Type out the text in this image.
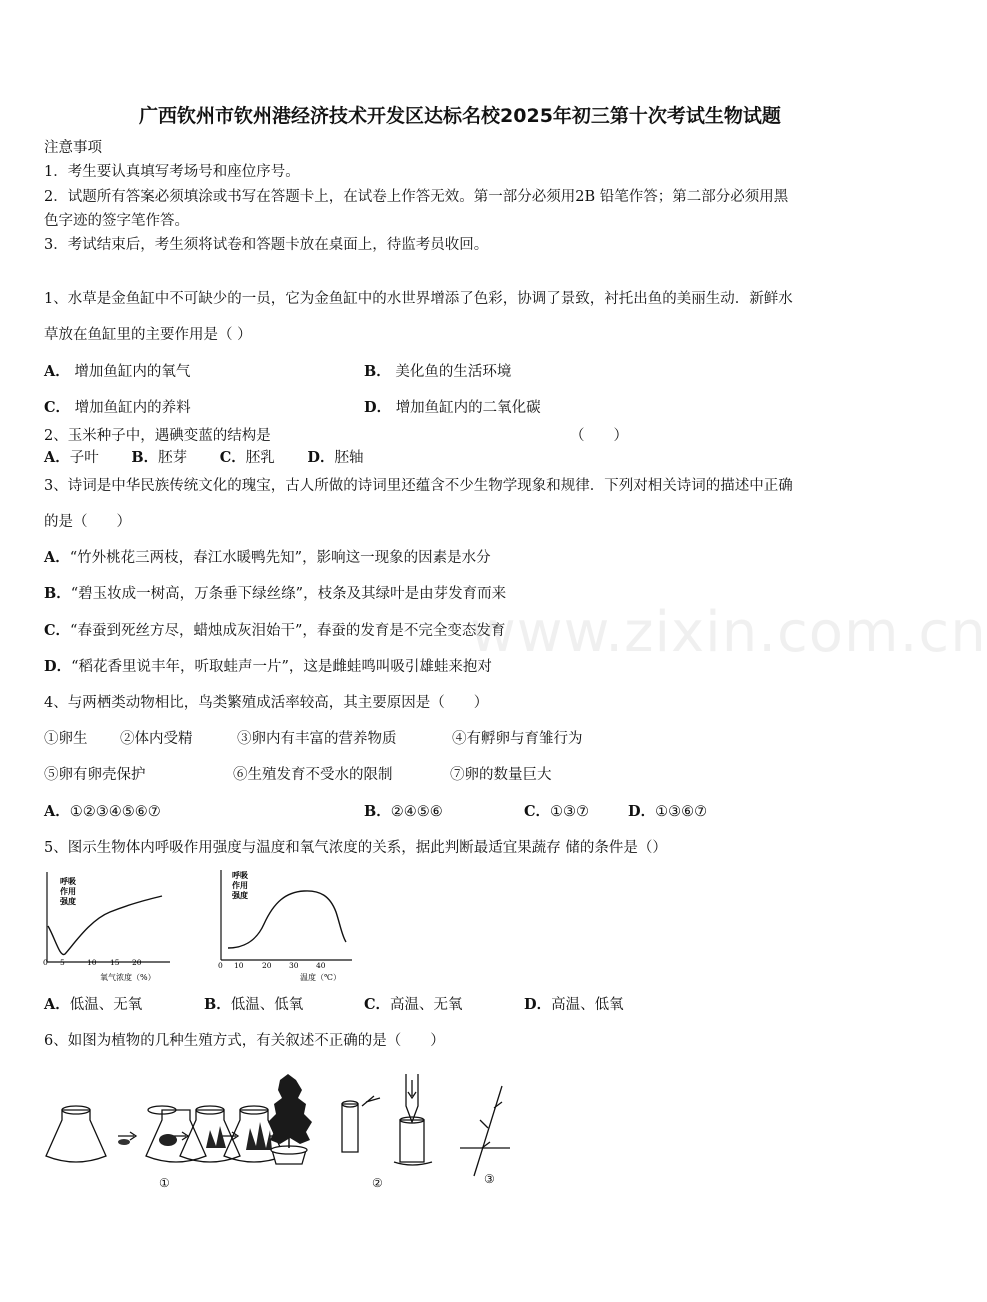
www.zixin.com.cn
广西钦州市钦州港经济技术开发区达标名校2025年初三第十次考试生物试题
注意事项
1．考生要认真填写考场号和座位序号。
2．试题所有答案必须填涂或书写在答题卡上，在试卷上作答无效。第一部分必须用2B 铅笔作答；第二部分必须用黑
色字迹的签字笔作答。
3．考试结束后，考生须将试卷和答题卡放在桌面上，待监考员收回。
1、水草是金鱼缸中不可缺少的一员，它为金鱼缸中的水世界增添了色彩，协调了景致，衬托出鱼的美丽生动．新鲜水
草放在鱼缸里的主要作用是（ ）
A． 增加鱼缸内的氧气	B． 美化鱼的生活环境
C． 增加鱼缸内的养料	D． 增加鱼缸内的二氧化碳
2、玉米种子中，遇碘变蓝的结构是	（　　）
A．子叶 B．胚芽 C．胚乳 D．胚轴
3、诗词是中华民族传统文化的瑰宝，古人所做的诗词里还蕴含不少生物学现象和规律．下列对相关诗词的描述中正确
的是（　　）
A．“竹外桃花三两枝，春江水暖鸭先知”，影响这一现象的因素是水分
B．“碧玉妆成一树高，万条垂下绿丝绦”，枝条及其绿叶是由芽发育而来
C．“春蚕到死丝方尽，蜡烛成灰泪始干”，春蚕的发育是不完全变态发育
D．“稻花香里说丰年，听取蛙声一片”，这是雌蛙鸣叫吸引雄蛙来抱对
4、与两栖类动物相比，鸟类繁殖成活率较高，其主要原因是（　　）
①卵生 ②体内受精	③卵内有丰富的营养物质	④有孵卵与育雏行为
⑤卵有卵壳保护	⑥生殖发育不受水的限制	⑦卵的数量巨大
A．①②③④⑤⑥⑦	B．②④⑤⑥	C．①③⑦	D．①③⑥⑦
5、图示生物体内呼吸作用强度与温度和氧气浓度的关系，据此判断最适宜果蔬存 储的条件是（）
呼吸
作用
强度
0 5	10 15 20
氧气浓度（%）
呼吸
作用
强度
0 10 20 30 40
温度（℃）
A．低温、无氧	B．低温、低氧	C．高温、无氧	D．高温、低氧
6、如图为植物的几种生殖方式，有关叙述不正确的是（　　）
①	②	③
